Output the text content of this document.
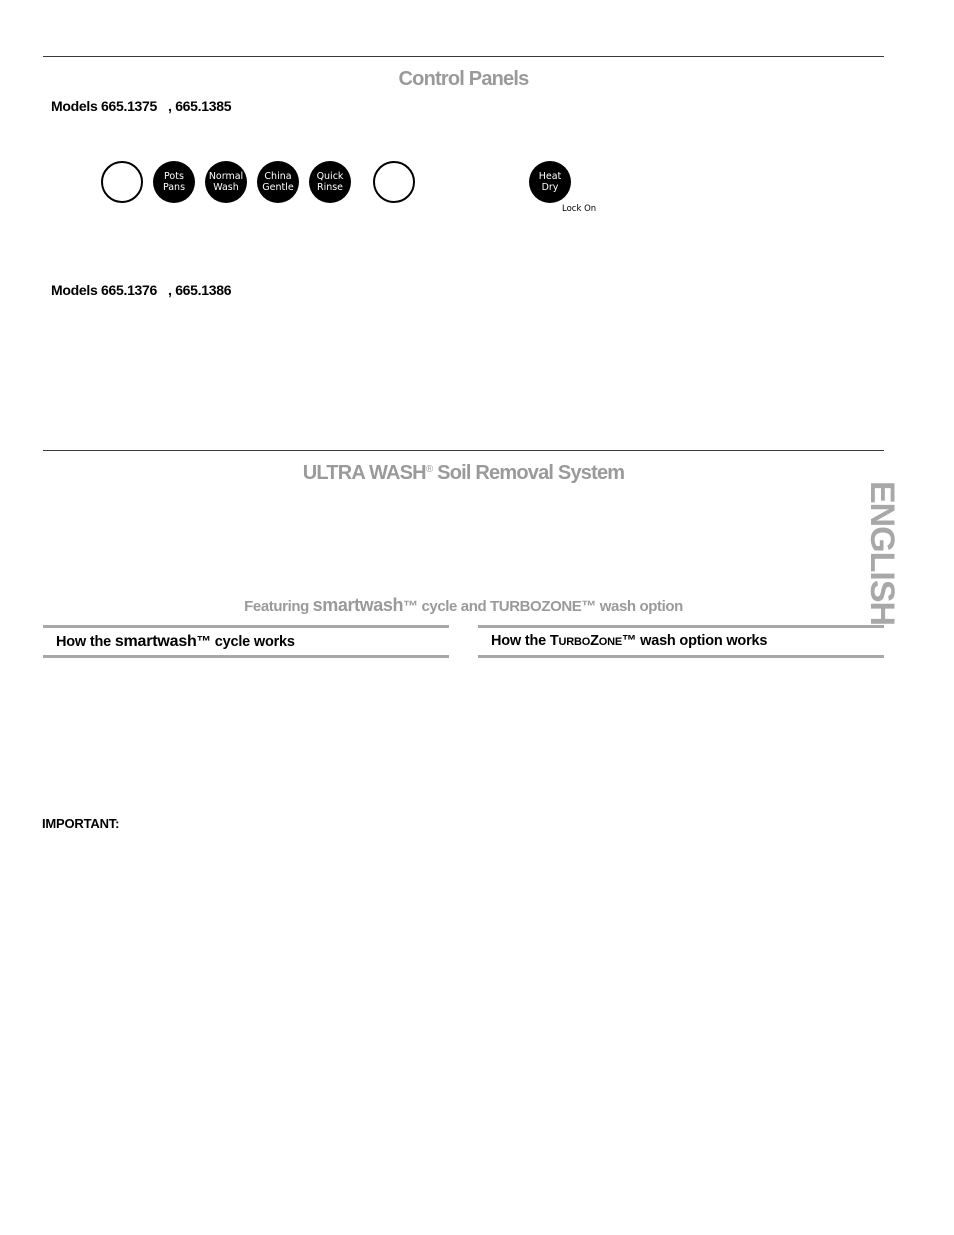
Control Panels
Models 665.1375 , 665.1385
Pots
Pans
Normal
Wash
China
Gentle
Quick
Rinse
Heat
Dry
Lock On
Models 665.1376 , 665.1386
ULTRA WASH® Soil Removal System
Featuring smartwash™ cycle and TURBOZONE™ wash option
How the smartwash™ cycle works	How the TURBOZONE™ wash option works
IMPORTANT:
ENGLISH
